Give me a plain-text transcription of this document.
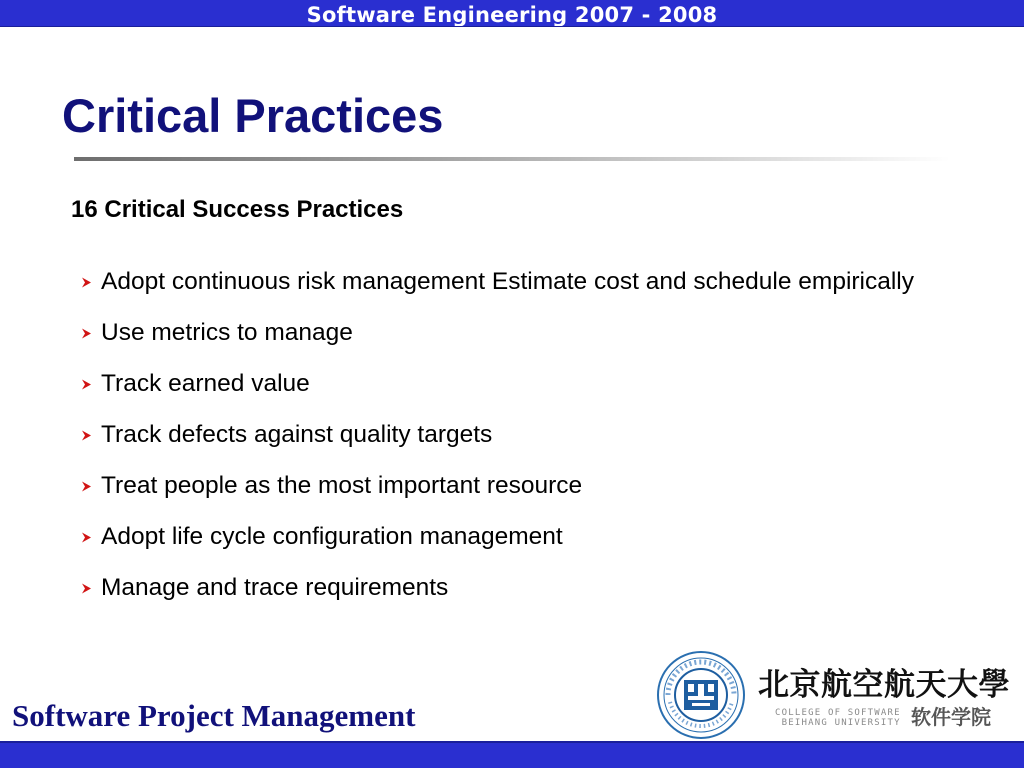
Software Engineering 2007 - 2008
Critical Practices
16 Critical Success Practices
Adopt continuous risk management Estimate cost and schedule empirically
Use metrics to manage
Track earned value
Track defects against quality targets
Treat people as the most important resource
Adopt life cycle configuration management
Manage and trace requirements
Software Project Management
北京航空航天大學
COLLEGE OF SOFTWARE
BEIHANG UNIVERSITY 软件学院
